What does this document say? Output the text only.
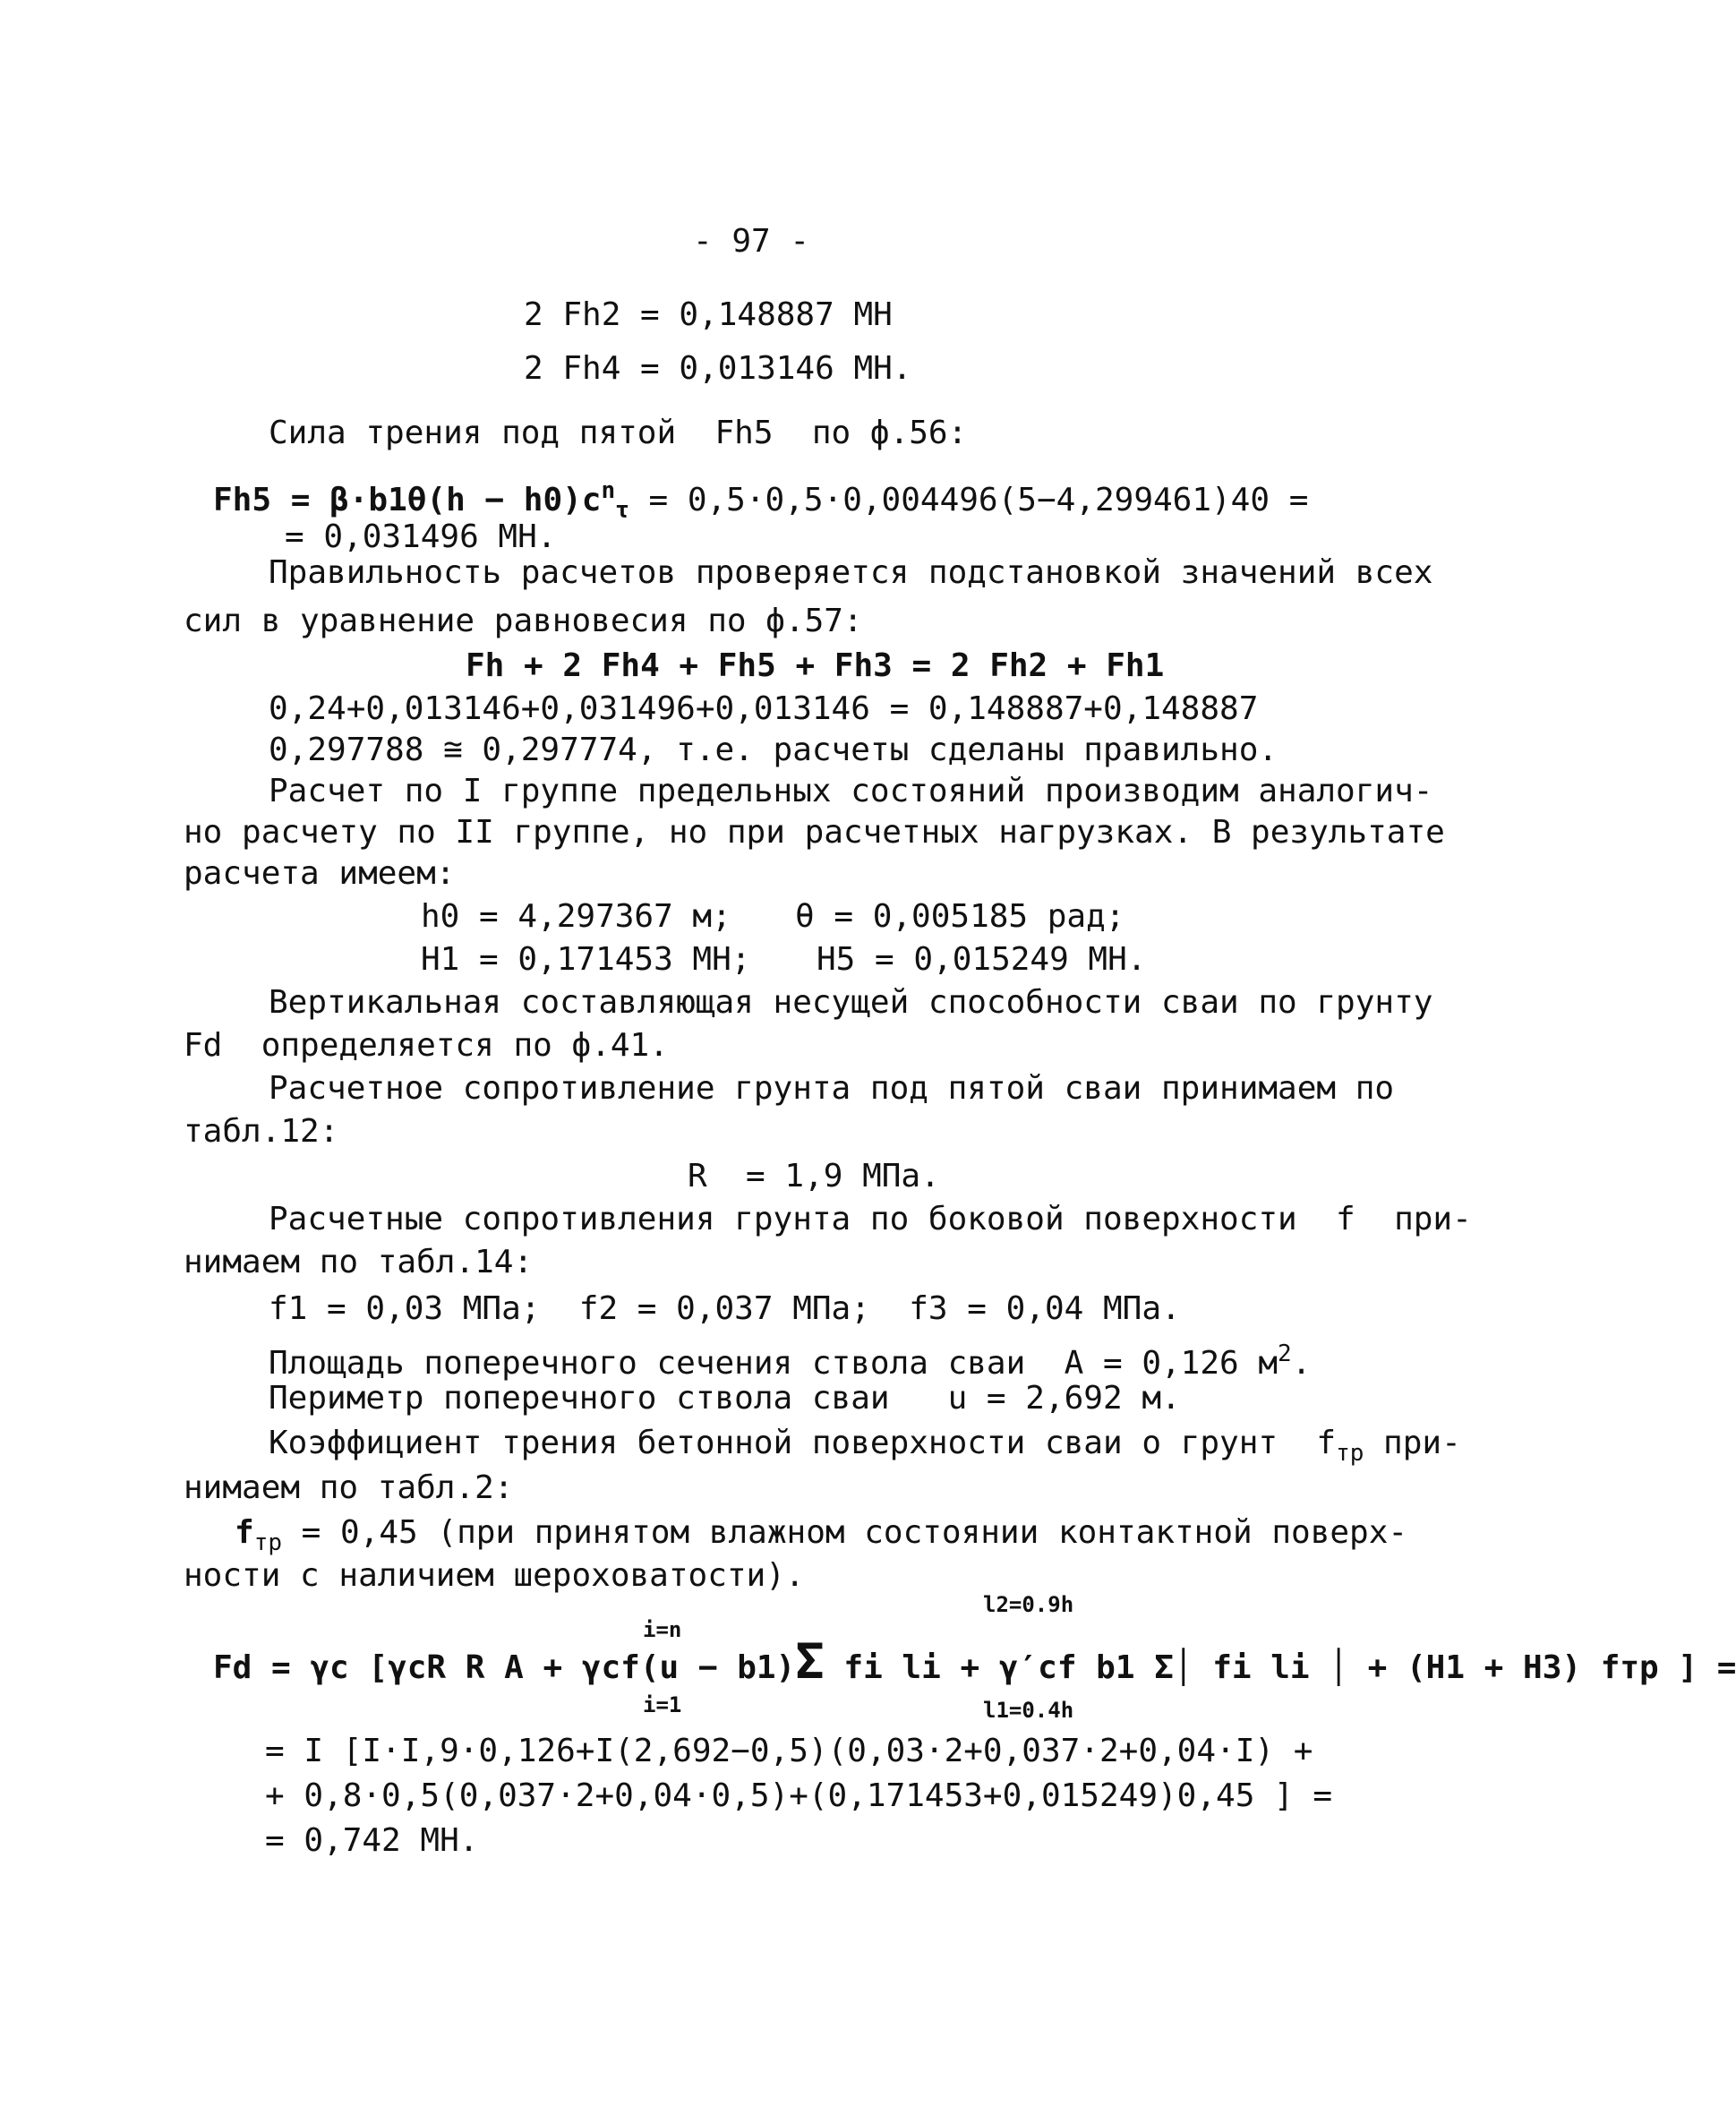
- 97 -
2 Fh2 = 0,148887 МН
2 Fh4 = 0,013146 МН.
Сила трения под пятой  Fh5  по ф.56:
$Fh5 = \beta\cdot b1\theta(h - h0)c^n_\tau = 0,5\cdot 0,5\cdot 0,004496(5-4,299461)40$ =
= 0,031496 МН.
Правильность расчетов проверяется подстановкой значений всех
сил в уравнение равновесия по ф.57:
Fh + 2 Fh4 + Fh5 + Fh3 = 2 Fh2 + Fh1
0,24+0,013146+0,031496+0,013146 = 0,148887+0,148887
0,297788 ≅ 0,297774, т.е. расчеты сделаны правильно.
Расчет по I группе предельных состояний производим аналогич-
но расчету по II группе, но при расчетных нагрузках. В результате
расчета имеем:
h0 = 4,297367 м; θ = 0,005185 рад;
H1 = 0,171453 МН; H5 = 0,015249 МН.
Вертикальная составляющая несущей способности сваи по грунту
Fd  определяется по ф.41.
Расчетное сопротивление грунта под пятой сваи принимаем по
табл.12:
R  = 1,9 МПа.
Расчетные сопротивления грунта по боковой поверхности  f  при-
нимаем по табл.14:
f1 = 0,03 МПа;  f2 = 0,037 МПа;  f3 = 0,04 МПа.
Площадь поперечного сечения ствола сваи  A = 0,126 $м^2$.
Периметр поперечного ствола сваи   u = 2,692 м.
Коэффициент трения бетонной поверхности сваи о грунт  $f_{тр}$ при-
нимаем по табл.2:
$f_{тр} = 0,45$ (при принятом влажном состоянии контактной поверх-
ности с наличием шероховатости).
i=n
l2=0.9h
Fd = γc [γcR R A + γcf(u − b1)Σ fi li + γ′cf b1 Σ│ fi li │ + (H1 + H3) fтр ] =
i=1	l1=0.4h
= I [I·I,9·0,126+I(2,692−0,5)(0,03·2+0,037·2+0,04·I) +
+ 0,8·0,5(0,037·2+0,04·0,5)+(0,171453+0,015249)0,45 ] =
= 0,742 МН.
